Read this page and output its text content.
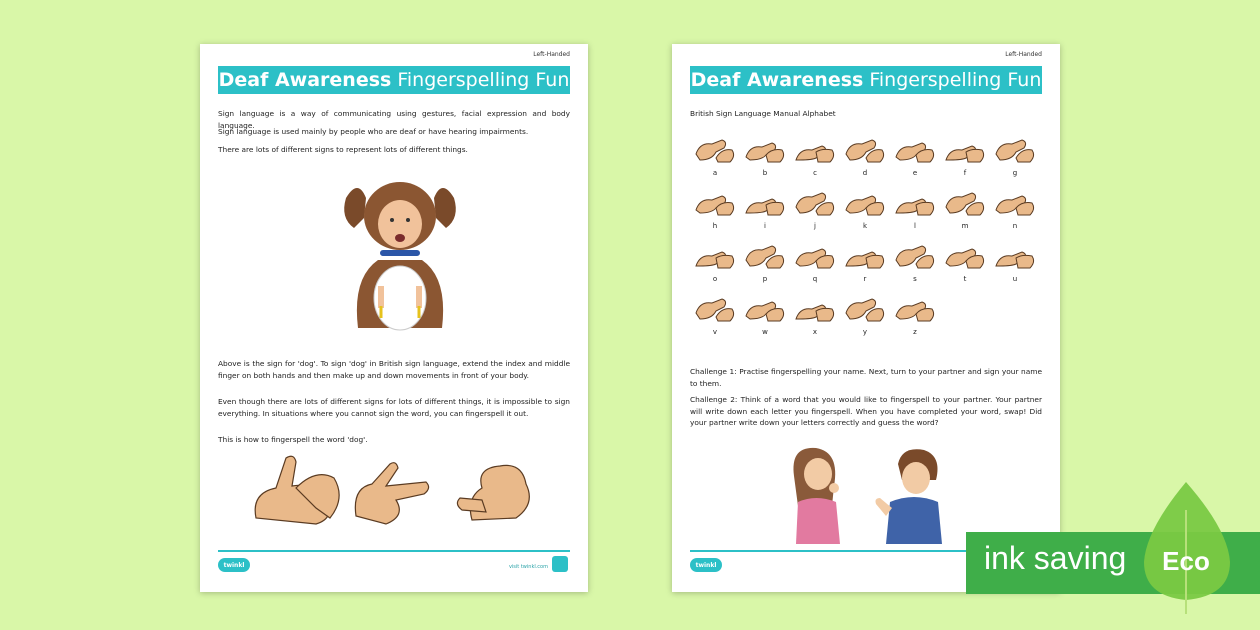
Left-Handed
Deaf Awareness Fingerspelling Fun

Sign language is a way of communicating using gestures, facial expression and body language.

Sign language is used mainly by people who are deaf or have hearing impairments.

There are lots of different signs to represent lots of different things.

Above is the sign for 'dog'. To sign 'dog' in British sign language, extend the index and middle finger on both hands and then make up and down movements in front of your body.

Even though there are lots of different signs for lots of different things, it is impossible to sign everything. In situations where you cannot sign the word, you can fingerspell it out.

This is how to fingerspell the word 'dog'.

twinkl	visit twinkl.com
Left-Handed
Deaf Awareness Fingerspelling Fun

British Sign Language Manual Alphabet

a	b	c	d	e	f	g
h	i	j	k	l	m	n
o	p	q	r	s	t	u
v	w	x	y	z

Challenge 1: Practise fingerspelling your name. Next, turn to your partner and sign your name to them.

Challenge 2: Think of a word that you would like to fingerspell to your partner. Your partner will write down each letter you fingerspell. When you have completed your word, swap! Did your partner write down your letters correctly and guess the word?

twinkl	ink saving Eco
